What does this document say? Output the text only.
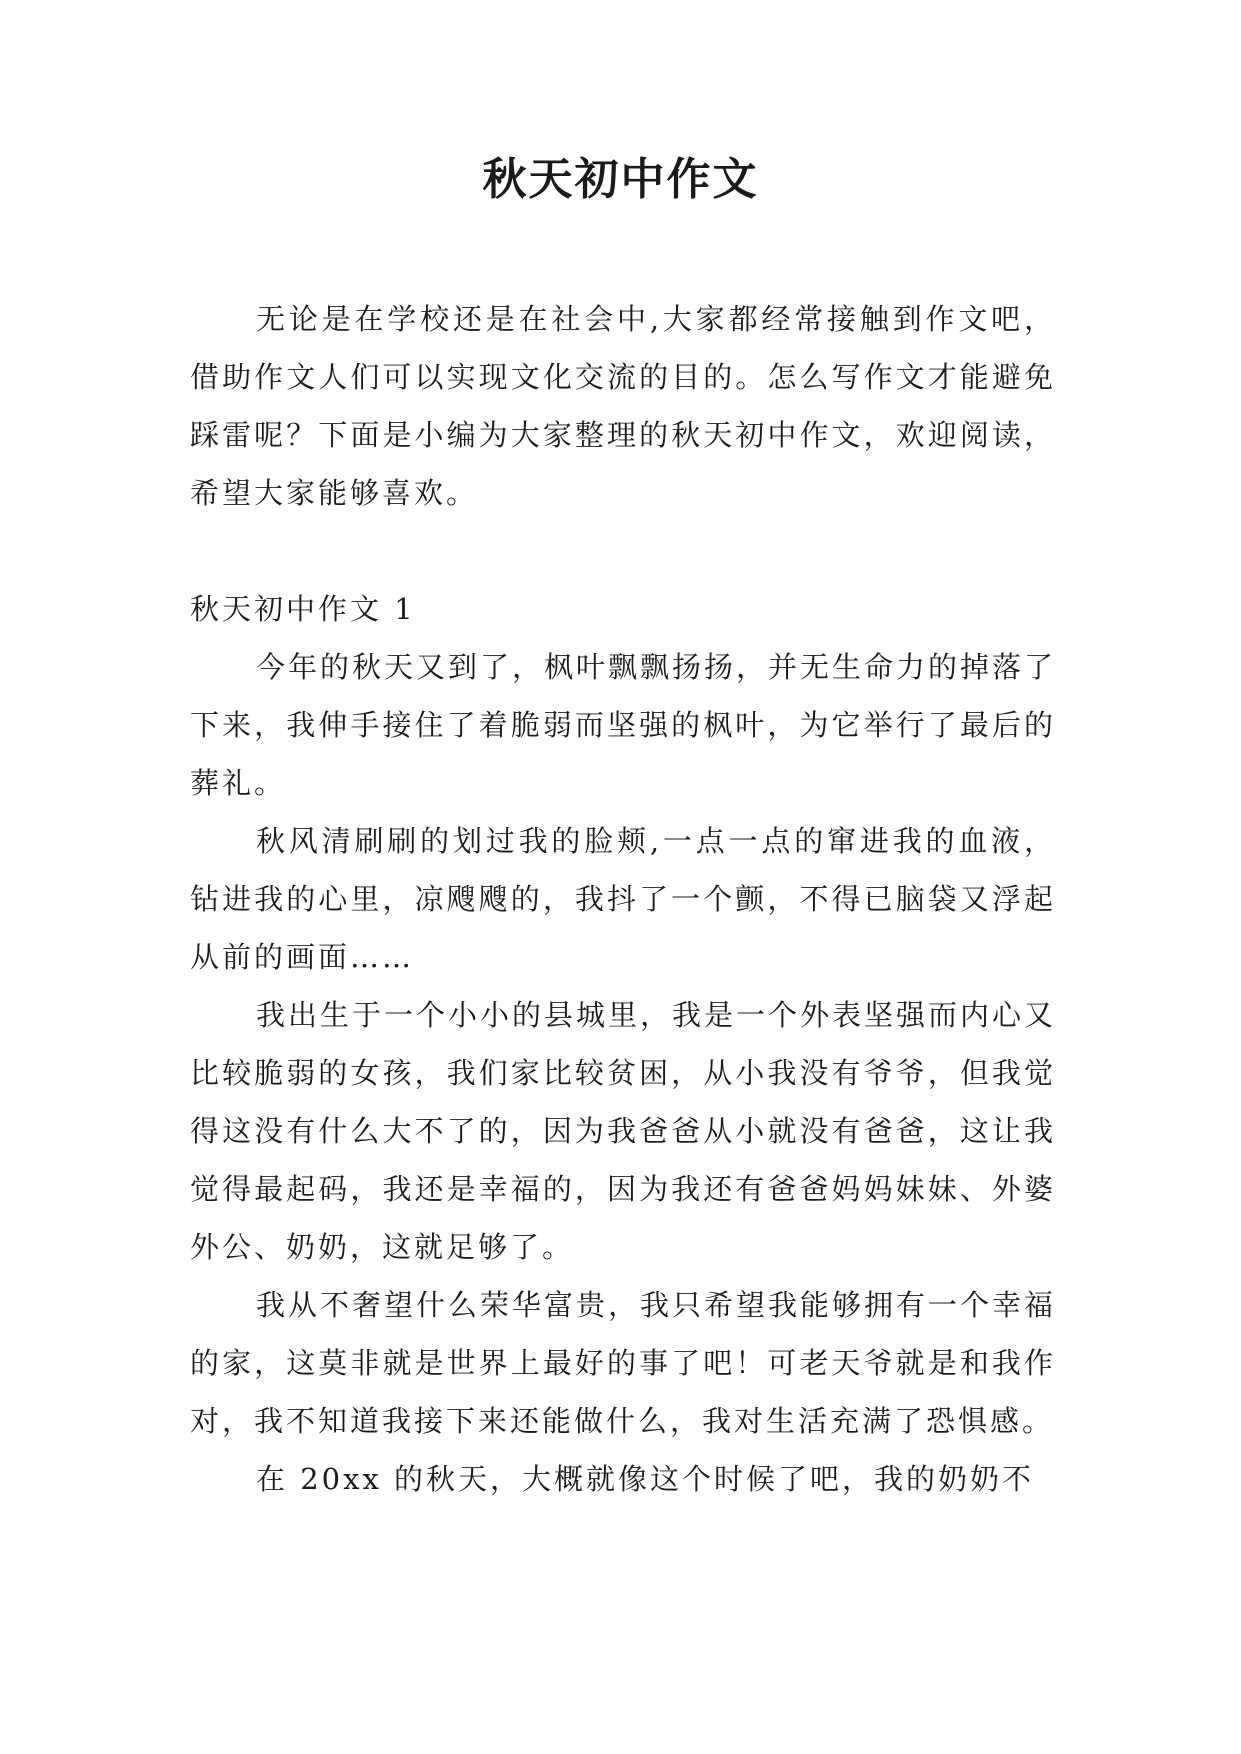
秋天初中作文

无论是在学校还是在社会中,大家都经常接触到作文吧，借助作文人们可以实现文化交流的目的。怎么写作文才能避免踩雷呢？下面是小编为大家整理的秋天初中作文，欢迎阅读，希望大家能够喜欢。

秋天初中作文 1

今年的秋天又到了，枫叶飘飘扬扬，并无生命力的掉落了下来，我伸手接住了着脆弱而坚强的枫叶，为它举行了最后的葬礼。

秋风清刷刷的划过我的脸颊,一点一点的窜进我的血液，钻进我的心里，凉飕飕的，我抖了一个颤，不得已脑袋又浮起从前的画面……

我出生于一个小小的县城里，我是一个外表坚强而内心又比较脆弱的女孩，我们家比较贫困，从小我没有爷爷，但我觉得这没有什么大不了的，因为我爸爸从小就没有爸爸，这让我觉得最起码，我还是幸福的，因为我还有爸爸妈妈妹妹、外婆外公、奶奶，这就足够了。

我从不奢望什么荣华富贵，我只希望我能够拥有一个幸福的家，这莫非就是世界上最好的事了吧！可老天爷就是和我作对，我不知道我接下来还能做什么，我对生活充满了恐惧感。

在 20xx 的秋天，大概就像这个时候了吧，我的奶奶不
